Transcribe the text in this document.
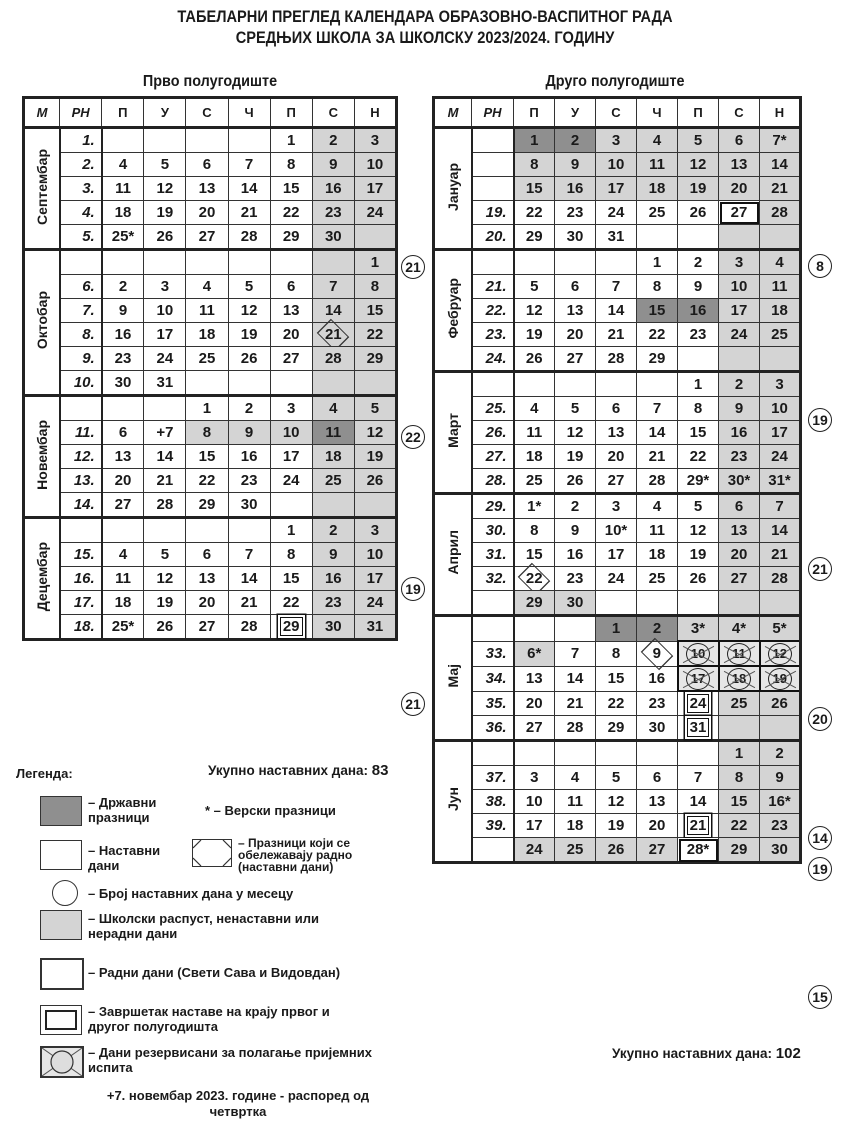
ТАБЕЛАРНИ ПРЕГЛЕД КАЛЕНДАРА ОБРАЗОВНО-ВАСПИТНОГ РАДА
СРЕДЊИХ ШКОЛА ЗА ШКОЛСКУ 2023/2024. ГОДИНУ
Прво полугодиште	Друго полугодиште
М	РН	П	У	С	Ч	П	С	Н
Септембар	1.					1	2	3
	2.	4	5	6	7	8	9	10
	3.	11	12	13	14	15	16	17
	4.	18	19	20	21	22	23	24
	5.	25*	26	27	28	29	30	
Октобар								1
	6.	2	3	4	5	6	7	8
	7.	9	10	11	12	13	14	15
	8.	16	17	18	19	20	21	22
	9.	23	24	25	26	27	28	29
	10.	30	31					
Новембар				1	2	3	4	5
	11.	6	+7	8	9	10	11	12
	12.	13	14	15	16	17	18	19
	13.	20	21	22	23	24	25	26
	14.	27	28	29	30			
Децембар						1	2	3
	15.	4	5	6	7	8	9	10
	16.	11	12	13	14	15	16	17
	17.	18	19	20	21	22	23	24
	18.	25*	26	27	28	29	30	31
М	РН	П	У	С	Ч	П	С	Н
Јануар		1	2	3	4	5	6	7*
		8	9	10	11	12	13	14
		15	16	17	18	19	20	21
	19.	22	23	24	25	26	27	28
	20.	29	30	31				
Фебруар					1	2	3	4
	21.	5	6	7	8	9	10	11
	22.	12	13	14	15	16	17	18
	23.	19	20	21	22	23	24	25
	24.	26	27	28	29			
Март						1	2	3
	25.	4	5	6	7	8	9	10
	26.	11	12	13	14	15	16	17
	27.	18	19	20	21	22	23	24
	28.	25	26	27	28	29*	30*	31*
Април	29.	1*	2	3	4	5	6	7
	30.	8	9	10*	11	12	13	14
	31.	15	16	17	18	19	20	21
	32.	22	23	24	25	26	27	28
		29	30					
Мај				1	2	3*	4*	5*
	33.	6*	7	8	9	10	11	12
	34.	13	14	15	16	17	18	19
	35.	20	21	22	23	24	25	26
	36.	27	28	29	30	31		
Јун							1	2
	37.	3	4	5	6	7	8	9
	38.	10	11	12	13	14	15	16*
	39.	17	18	19	20	21	22	23
		24	25	26	27	28*	29	30
21
22
19
21
8
19
21
20
14
19
15
Укупно наставних дана: 83
Укупно наставних дана: 102
Легенда:
– Државни празници	* – Верски празници
– Наставни дани
– Празници који се обележавају радно (наставни дани)
– Број наставних дана у месецу
– Школски распуст, ненаставни или нерадни дани
– Радни дани (Свети Сава и Видовдан)
– Завршетак наставе на крају првог и другог полугодишта
– Дани резервисани за полагање пријемних испита
+7. новембар 2023. године - распоред од четвртка
